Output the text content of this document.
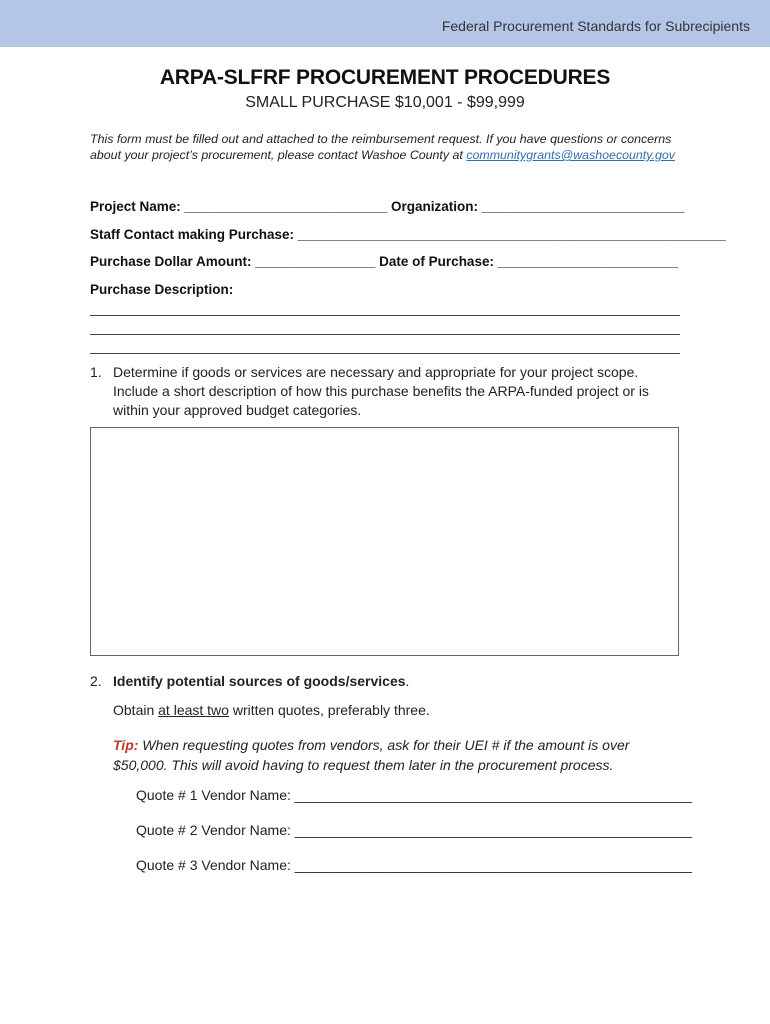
Federal Procurement Standards for Subrecipients
ARPA-SLFRF PROCUREMENT PROCEDURES
SMALL PURCHASE $10,001 - $99,999
This form must be filled out and attached to the reimbursement request. If you have questions or concerns about your project’s procurement, please contact Washoe County at communitygrants@washoecounty.gov
Project Name: ___________________________ Organization: ___________________________
Staff Contact making Purchase: _________________________________________________________
Purchase Dollar Amount: ________________ Date of Purchase: ________________________
Purchase Description:
1. Determine if goods or services are necessary and appropriate for your project scope. Include a short description of how this purchase benefits the ARPA-funded project or is within your approved budget categories.
2. Identify potential sources of goods/services.
Obtain at least two written quotes, preferably three.
Tip: When requesting quotes from vendors, ask for their UEI # if the amount is over $50,000. This will avoid having to request them later in the procurement process.
Quote # 1 Vendor Name: ___________________________________________________
Quote # 2 Vendor Name: ___________________________________________________
Quote # 3 Vendor Name: ___________________________________________________
